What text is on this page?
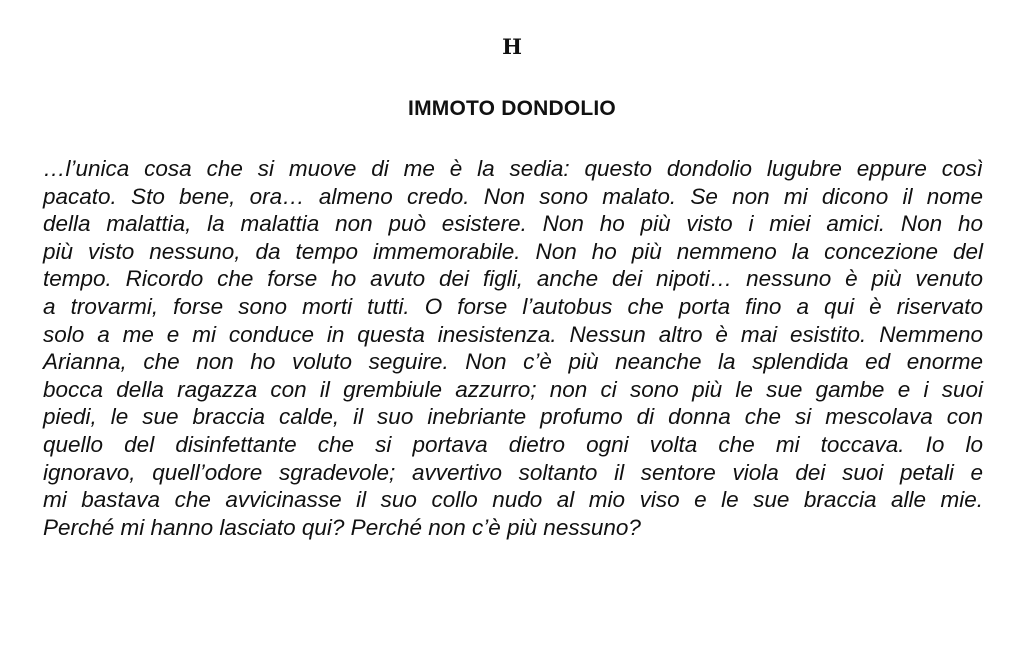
H
IMMOTO DONDOLIO

…l’unica cosa che si muove di me è la sedia: questo dondolio lugubre eppure così
pacato. Sto bene, ora… almeno credo. Non sono malato. Se non mi dicono il nome
della malattia, la malattia non può esistere. Non ho più visto i miei amici. Non ho
più visto nessuno, da tempo immemorabile. Non ho più nemmeno la concezione del
tempo. Ricordo che forse ho avuto dei figli, anche dei nipoti… nessuno è più venuto
a trovarmi, forse sono morti tutti. O forse l’autobus che porta fino a qui è riservato
solo a me e mi conduce in questa inesistenza. Nessun altro è mai esistito. Nemmeno
Arianna, che non ho voluto seguire. Non c’è più neanche la splendida ed enorme
bocca della ragazza con il grembiule azzurro; non ci sono più le sue gambe e i suoi
piedi, le sue braccia calde, il suo inebriante profumo di donna che si mescolava con
quello del disinfettante che si portava dietro ogni volta che mi toccava. Io lo
ignoravo, quell’odore sgradevole; avvertivo soltanto il sentore viola dei suoi petali e
mi bastava che avvicinasse il suo collo nudo al mio viso e le sue braccia alle mie.
Perché mi hanno lasciato qui? Perché non c’è più nessuno?
